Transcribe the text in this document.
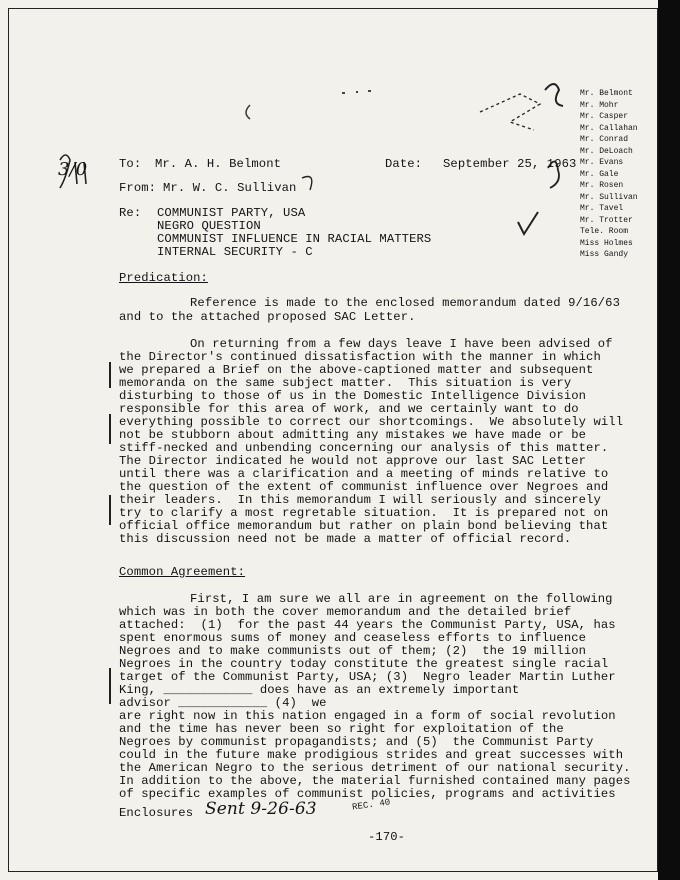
To: Mr. A. H. Belmont	Date: September 25, 1963
From: Mr. W. C. Sullivan
Re: COMMUNIST PARTY, USA
NEGRO QUESTION
COMMUNIST INFLUENCE IN RACIAL MATTERS
INTERNAL SECURITY - C
Mr. Belmont
Mr. Mohr
Mr. Casper
Mr. Callahan
Mr. Conrad
Mr. DeLoach
Mr. Evans
Mr. Gale
Mr. Rosen
Mr. Sullivan
Mr. Tavel
Mr. Trotter
Tele. Room
Miss Holmes
Miss Gandy
3/0
Predication:
Reference is made to the enclosed memorandum dated 9/16/63
and to the attached proposed SAC Letter.
On returning from a few days leave I have been advised of
the Director's continued dissatisfaction with the manner in which
we prepared a Brief on the above-captioned matter and subsequent
memoranda on the same subject matter.  This situation is very
disturbing to those of us in the Domestic Intelligence Division
responsible for this area of work, and we certainly want to do
everything possible to correct our shortcomings.  We absolutely will
not be stubborn about admitting any mistakes we have made or be
stiff-necked and unbending concerning our analysis of this matter.
The Director indicated he would not approve our last SAC Letter
until there was a clarification and a meeting of minds relative to
the question of the extent of communist influence over Negroes and
their leaders.  In this memorandum I will seriously and sincerely
try to clarify a most regretable situation.  It is prepared not on
official office memorandum but rather on plain bond believing that
this discussion need not be made a matter of official record.
Common Agreement:
First, I am sure we all are in agreement on the following
which was in both the cover memorandum and the detailed brief
attached:  (1)  for the past 44 years the Communist Party, USA, has
spent enormous sums of money and ceaseless efforts to influence
Negroes and to make communists out of them; (2)  the 19 million
Negroes in the country today constitute the greatest single racial
target of the Communist Party, USA; (3)  Negro leader Martin Luther
King, ____________ does have as an extremely important
advisor ____________ (4)  we
are right now in this nation engaged in a form of social revolution
and the time has never been so right for exploitation of the
Negroes by communist propagandists; and (5)  the Communist Party
could in the future make prodigious strides and great successes with
the American Negro to the serious detriment of our national security.
In addition to the above, the material furnished contained many pages
of specific examples of communist policies, programs and activities
Enclosures Sent 9-26-63	REC. 40
-170-
